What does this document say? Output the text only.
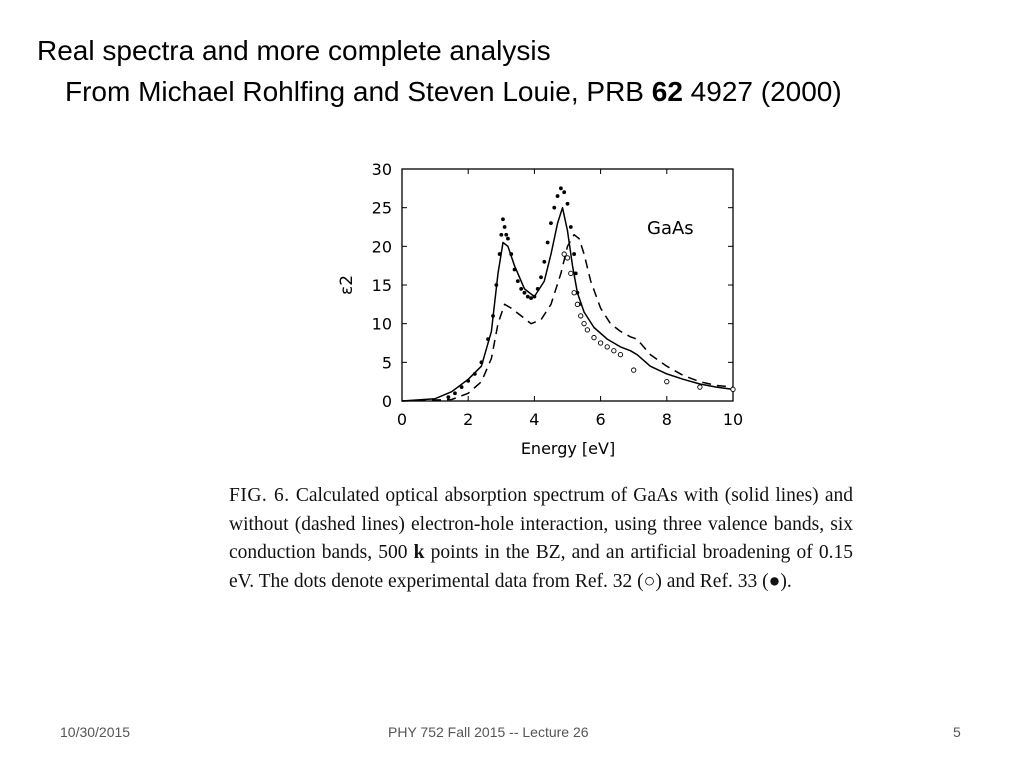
Real spectra and more complete analysis
From Michael Rohlfing and Steven Louie, PRB 62 4927 (2000)
0	2	4	6	8	10
0
5
10
15
20
25
30
GaAs
Energy [eV]
ε2
FIG. 6. Calculated optical absorption spectrum of GaAs with (solid lines) and without (dashed lines) electron-hole interaction, using three valence bands, six conduction bands, 500 k points in the BZ, and an artificial broadening of 0.15 eV. The dots denote experimental data from Ref. 32 (○) and Ref. 33 (●).
10/30/2015	PHY 752 Fall 2015 -- Lecture 26	5
